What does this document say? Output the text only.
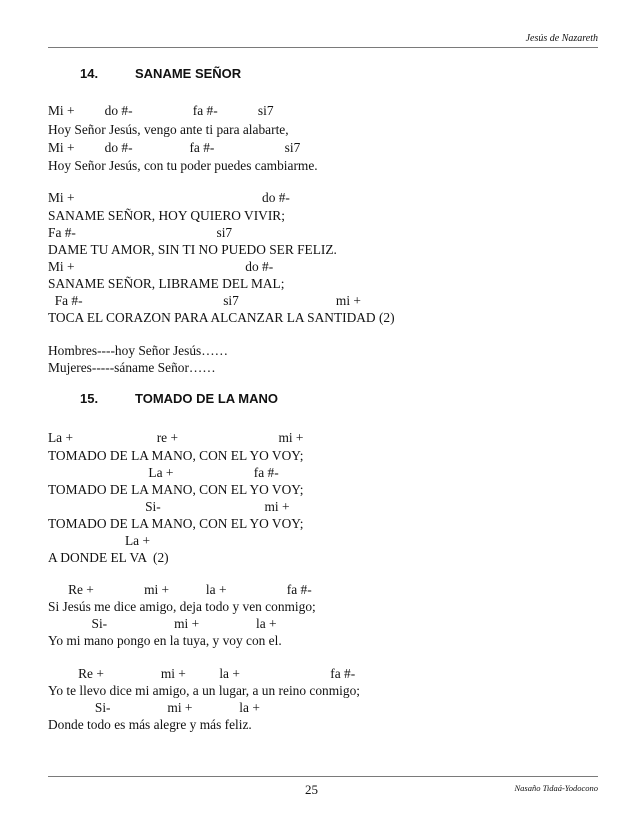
Jesús de Nazareth
14.	SANAME SEÑOR
Mi +         do #-                  fa #-            si7
Hoy Señor Jesús, vengo ante ti para alabarte,
Mi +         do #-                 fa #-                     si7
Hoy Señor Jesús, con tu poder puedes cambiarme.
Mi +                                                        do #-
SANAME SEÑOR, HOY QUIERO VIVIR;
Fa #-                                          si7
DAME TU AMOR, SIN TI NO PUEDO SER FELIZ.
Mi +                                                   do #-
SANAME SEÑOR, LIBRAME DEL MAL;
Fa #-                                          si7                             mi +
TOCA EL CORAZON PARA ALCANZAR LA SANTIDAD (2)
Hombres----hoy Señor Jesús……
Mujeres-----sáname Señor……
15.	TOMADO DE LA MANO
La +                         re +                              mi +
TOMADO DE LA MANO, CON EL YO VOY;
La +                        fa #-
TOMADO DE LA MANO, CON EL YO VOY;
Si-                               mi +
TOMADO DE LA MANO, CON EL YO VOY;
La +
A DONDE EL VA  (2)
Re +               mi +           la +                  fa #-
Si Jesús me dice amigo, deja todo y ven conmigo;
Si-                    mi +                 la +
Yo mi mano pongo en la tuya, y voy con el.
Re +                 mi +          la +                           fa #-
Yo te llevo dice mi amigo, a un lugar, a un reino conmigo;
Si-                 mi +              la +
Donde todo es más alegre y más feliz.
25	Nasaño Tidaá-Yodocono
